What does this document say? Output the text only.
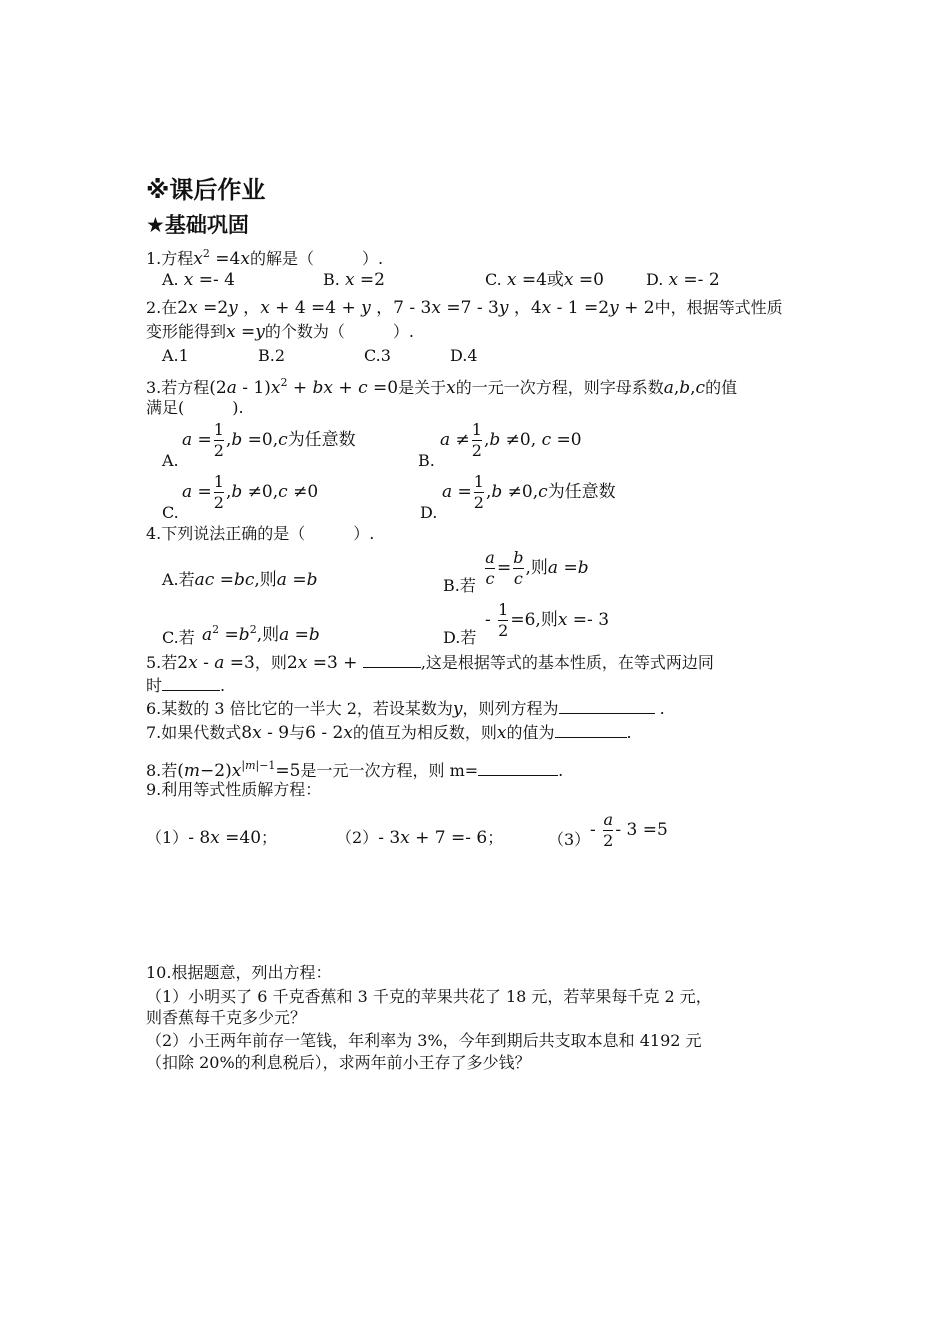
※课后作业
★基础巩固
1.方程$x^2 =4x$的解是（　　　）.
A. x =- 4	B. x =2	C. x =4或x =0	D. x =- 2
2.在2x =2y ，x + 4 =4 + y ，7 - 3x =7 - 3y ，4x - 1 =2y + 2中，根据等式性质
变形能得到x =y的个数为（　　　）.
A.1	B.2	C.3	D.4
3.若方程$(2a - 1)x^2$ + bx + c =0是关于x的一元一次方程，则字母系数a,b,c的值
满足(　　　).
A.
$a = \frac{1}{2} ,b =0,c$为任意数
B.
$a \ne \frac{1}{2} ,b \ne 0$, c =0
C.
$a = \frac{1}{2} ,b \ne 0,c \ne 0$
D.
$a = \frac{1}{2} ,b \ne 0,c$为任意数
4.下列说法正确的是（　　　）.
A.若ac =bc,则a =b	B.若 $\frac{a}{c} = \frac{b}{c}$ ,则a =b
C.若 $a^2 =b^2$,则a =b	D.若
- $\frac{1}{2} =6$,则x =- 3
5.若2x - a =3，则2x =3 +	,这是根据等式的基本性质，在等式两边同
时	.
6.某数的 3 倍比它的一半大 2，若设某数为y，则列方程为	.
7.如果代数式8x - 9与6 - 2x的值互为相反数，则x的值为	.
8.若$(m-2)x^{|m|-1}=5$是一元一次方程，则 m=	.
9.利用等式性质解方程：
（1）- 8x =40；	（2）- 3x + 7 =- 6；	$(3) - \frac{a}{2} - 3 =5$
10.根据题意，列出方程：
（1）小明买了 6 千克香蕉和 3 千克的苹果共花了 18 元，若苹果每千克 2 元，
则香蕉每千克多少元？
（2）小王两年前存一笔钱，年利率为 3%，今年到期后共支取本息和 4192 元
（扣除 20%的利息税后），求两年前小王存了多少钱？
